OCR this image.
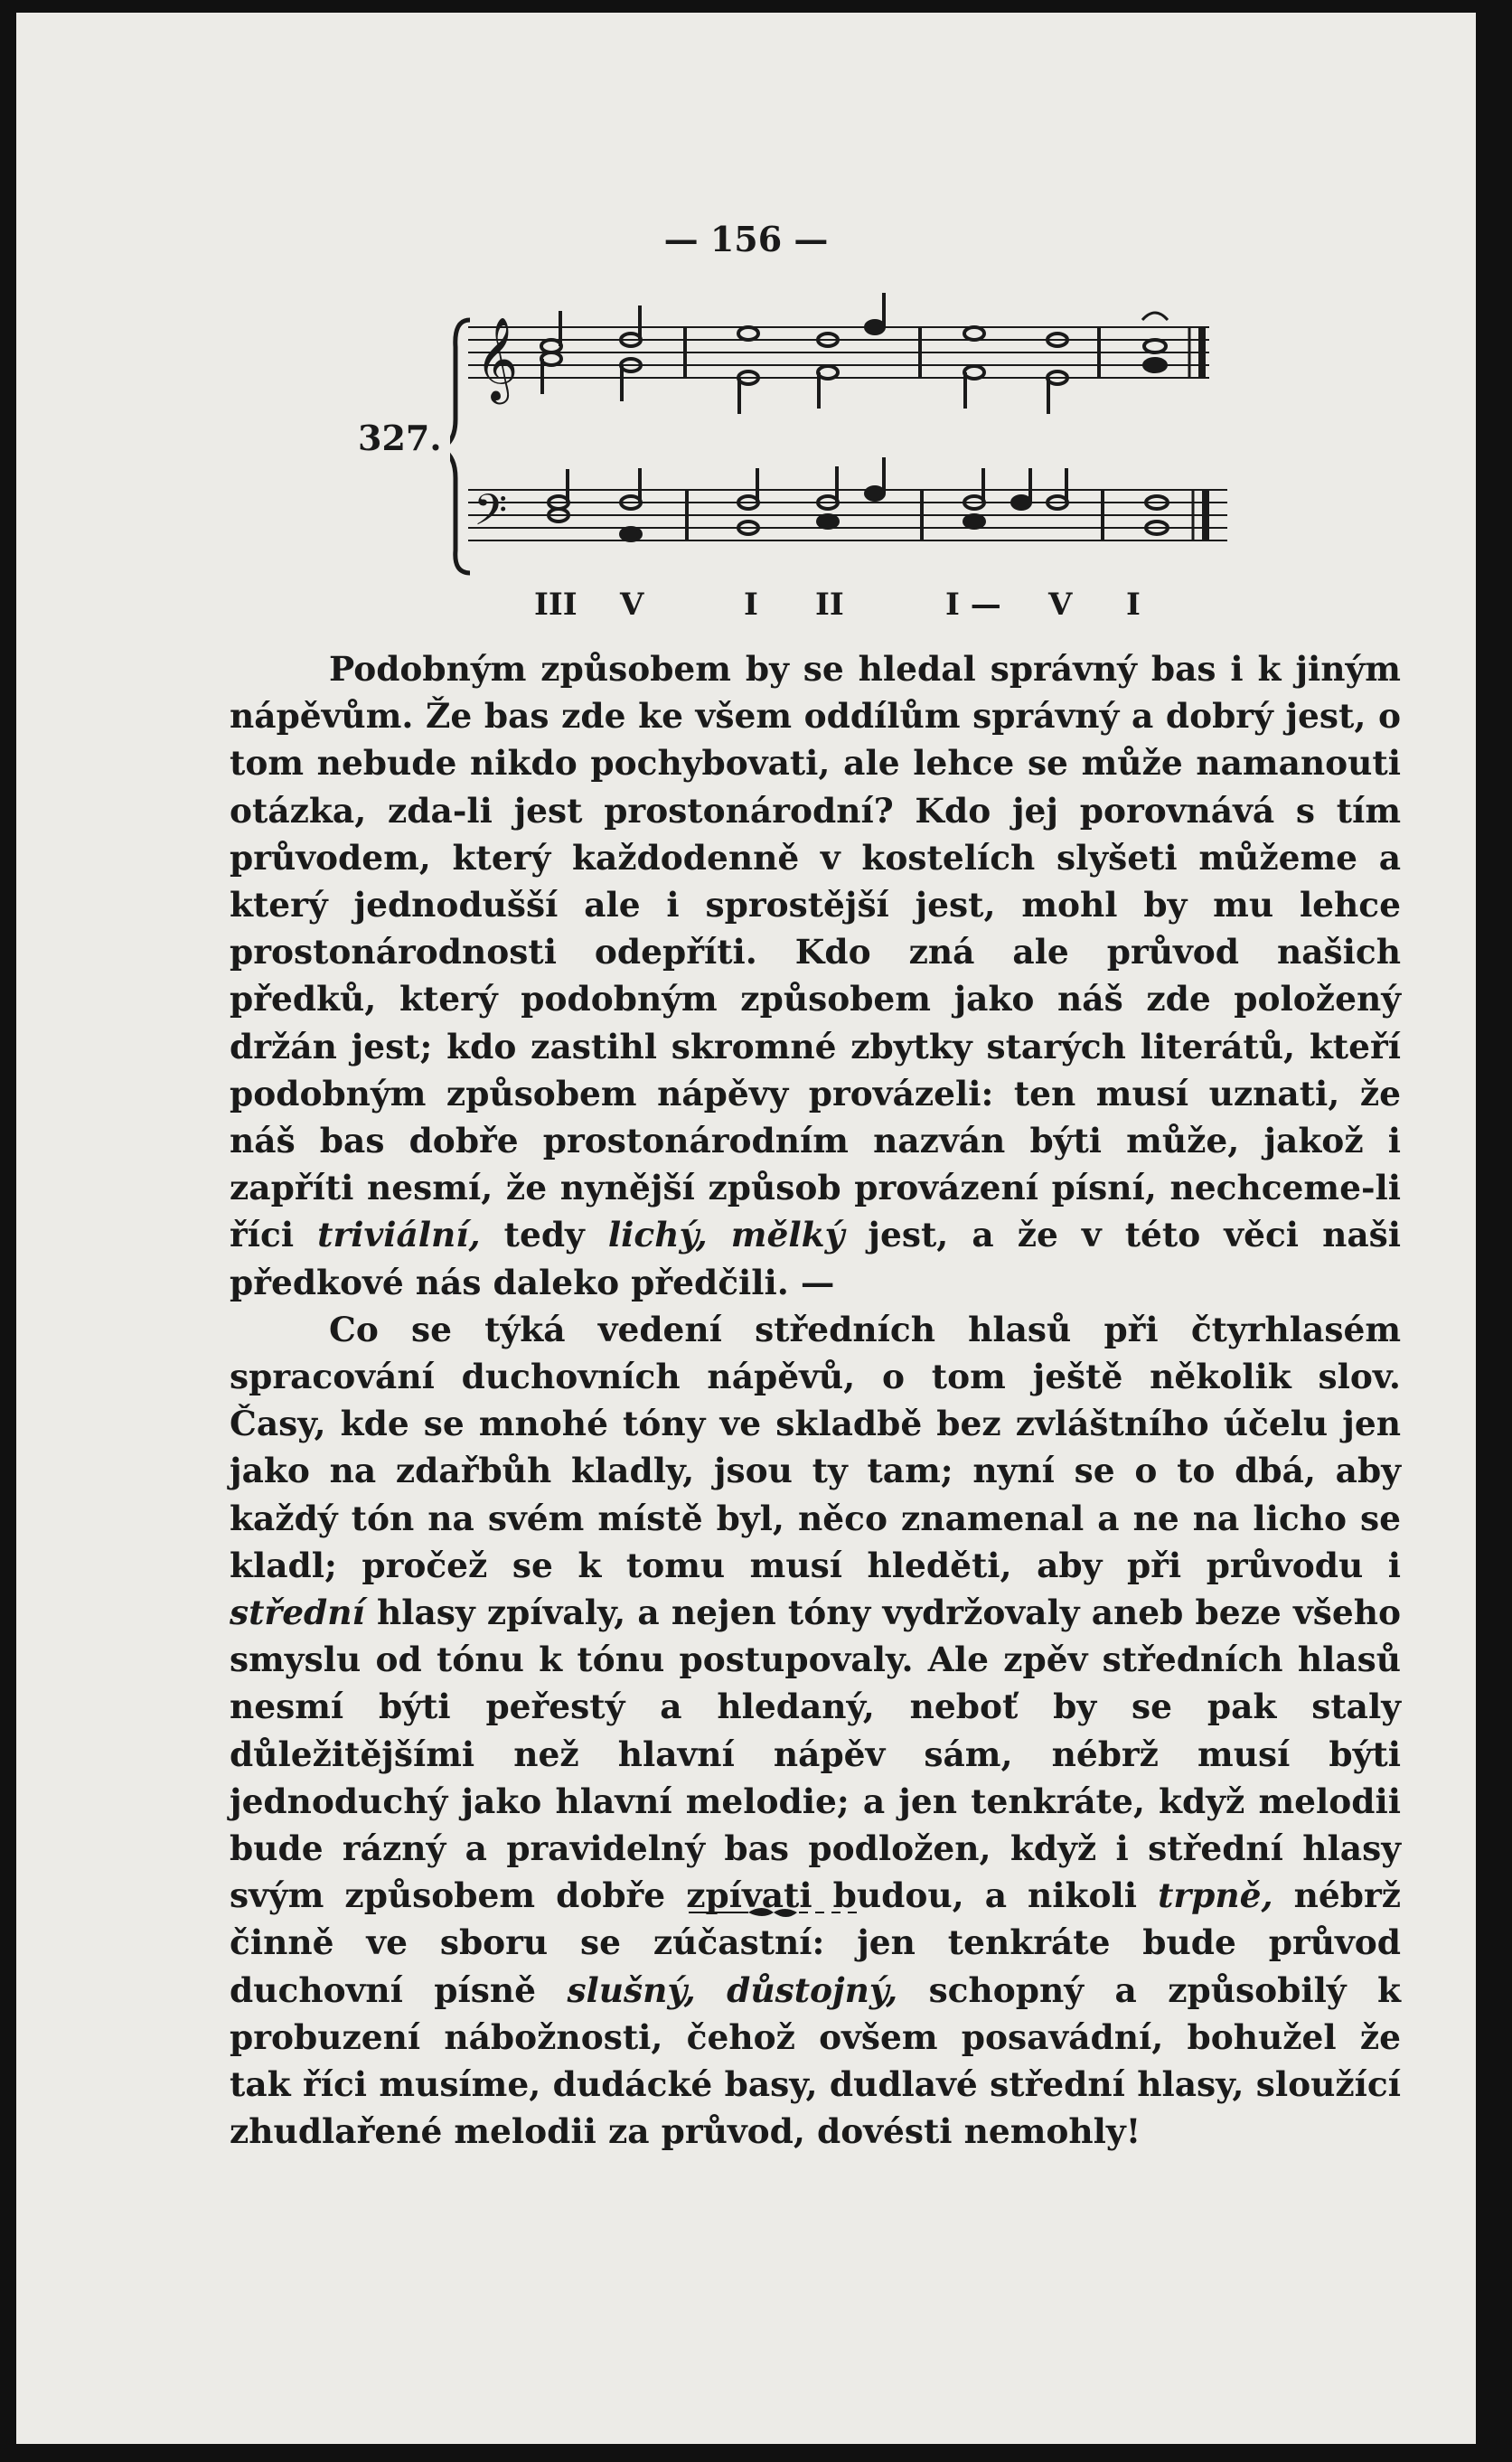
— 156 —
327.
𝄞
𝄢
III V	I II	I — V I

Podobným způsobem by se hledal správný bas i k jiným nápěvům. Že bas zde ke všem oddílům správný a dobrý jest, o tom nebude nikdo pochybovati, ale lehce se může namanouti otázka, zda-li jest prostonárodní? Kdo jej porovnává s tím průvodem, který každodenně v kostelích slyšeti můžeme a který jednodušší ale i sprostější jest, mohl by mu lehce prostonárodnosti odepříti. Kdo zná ale průvod našich předků, který podobným způsobem jako náš zde položený držán jest; kdo zastihl skromné zbytky starých literátů, kteří podobným způsobem nápěvy provázeli: ten musí uznati, že náš bas dobře prostonárodním nazván býti může, jakož i zapříti nesmí, že nynější způsob provázení písní, nechceme-li říci triviální, tedy lichý, mělký jest, a že v této věci naši předkové nás daleko předčili. —

Co se týká vedení středních hlasů při čtyrhlasém spracování duchovních nápěvů, o tom ještě několik slov. Časy, kde se mnohé tóny ve skladbě bez zvláštního účelu jen jako na zdařbůh kladly, jsou ty tam; nyní se o to dbá, aby každý tón na svém místě byl, něco znamenal a ne na licho se kladl; pročež se k tomu musí hleděti, aby při průvodu i střední hlasy zpívaly, a nejen tóny vydržovaly aneb beze všeho smyslu od tónu k tónu postupovaly. Ale zpěv středních hlasů nesmí býti peřestý a hledaný, neboť by se pak staly důležitějšími než hlavní nápěv sám, nébrž musí býti jednoduchý jako hlavní melodie; a jen tenkráte, když melodii bude rázný a pravidelný bas podložen, když i střední hlasy svým způsobem dobře zpívati budou, a nikoli trpně, nébrž činně ve sboru se zúčastní: jen tenkráte bude průvod duchovní písně slušný, důstojný, schopný a způsobilý k probuzení nábožnosti, čehož ovšem posavádní, bohužel že tak říci musíme, dudácké basy, dudlavé střední hlasy, sloužící zhudlařené melodii za průvod, dovésti nemohly!
